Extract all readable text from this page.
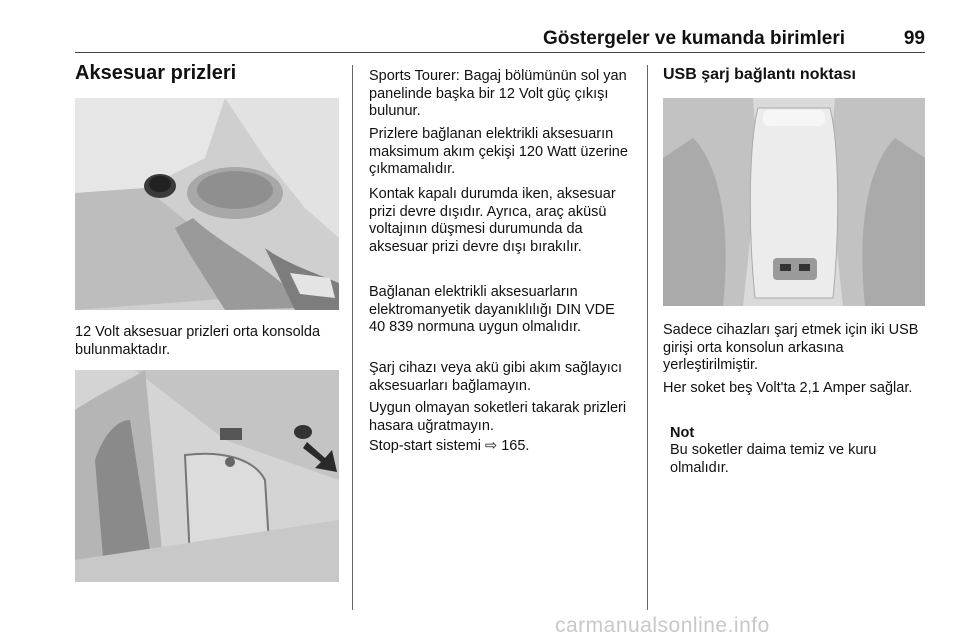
Göstergeler ve kumanda birimleri	99
Aksesuar prizleri

12 Volt aksesuar prizleri orta konsolda bulunmaktadır.

Sports Tourer: Bagaj bölümünün sol yan panelinde başka bir 12 Volt güç çıkışı bulunur.

Prizlere bağlanan elektrikli aksesuarın maksimum akım çekişi 120 Watt üzerine çıkmamalıdır.

Kontak kapalı durumda iken, aksesuar prizi devre dışıdır. Ayrıca, araç aküsü voltajının düşmesi durumunda da aksesuar prizi devre dışı bırakılır.

Bağlanan elektrikli aksesuarların elektromanyetik dayanıklılığı DIN VDE 40 839 normuna uygun olmalıdır.

Şarj cihazı veya akü gibi akım sağlayıcı aksesuarları bağlamayın.

Uygun olmayan soketleri takarak prizleri hasara uğratmayın.

Stop-start sistemi ⇨ 165.

USB şarj bağlantı noktası

Sadece cihazları şarj etmek için iki USB girişi orta konsolun arkasına yerleştirilmiştir.

Her soket beş Volt'ta 2,1 Amper sağlar.

Not

Bu soketler daima temiz ve kuru olmalıdır.

carmanualsonline.info
